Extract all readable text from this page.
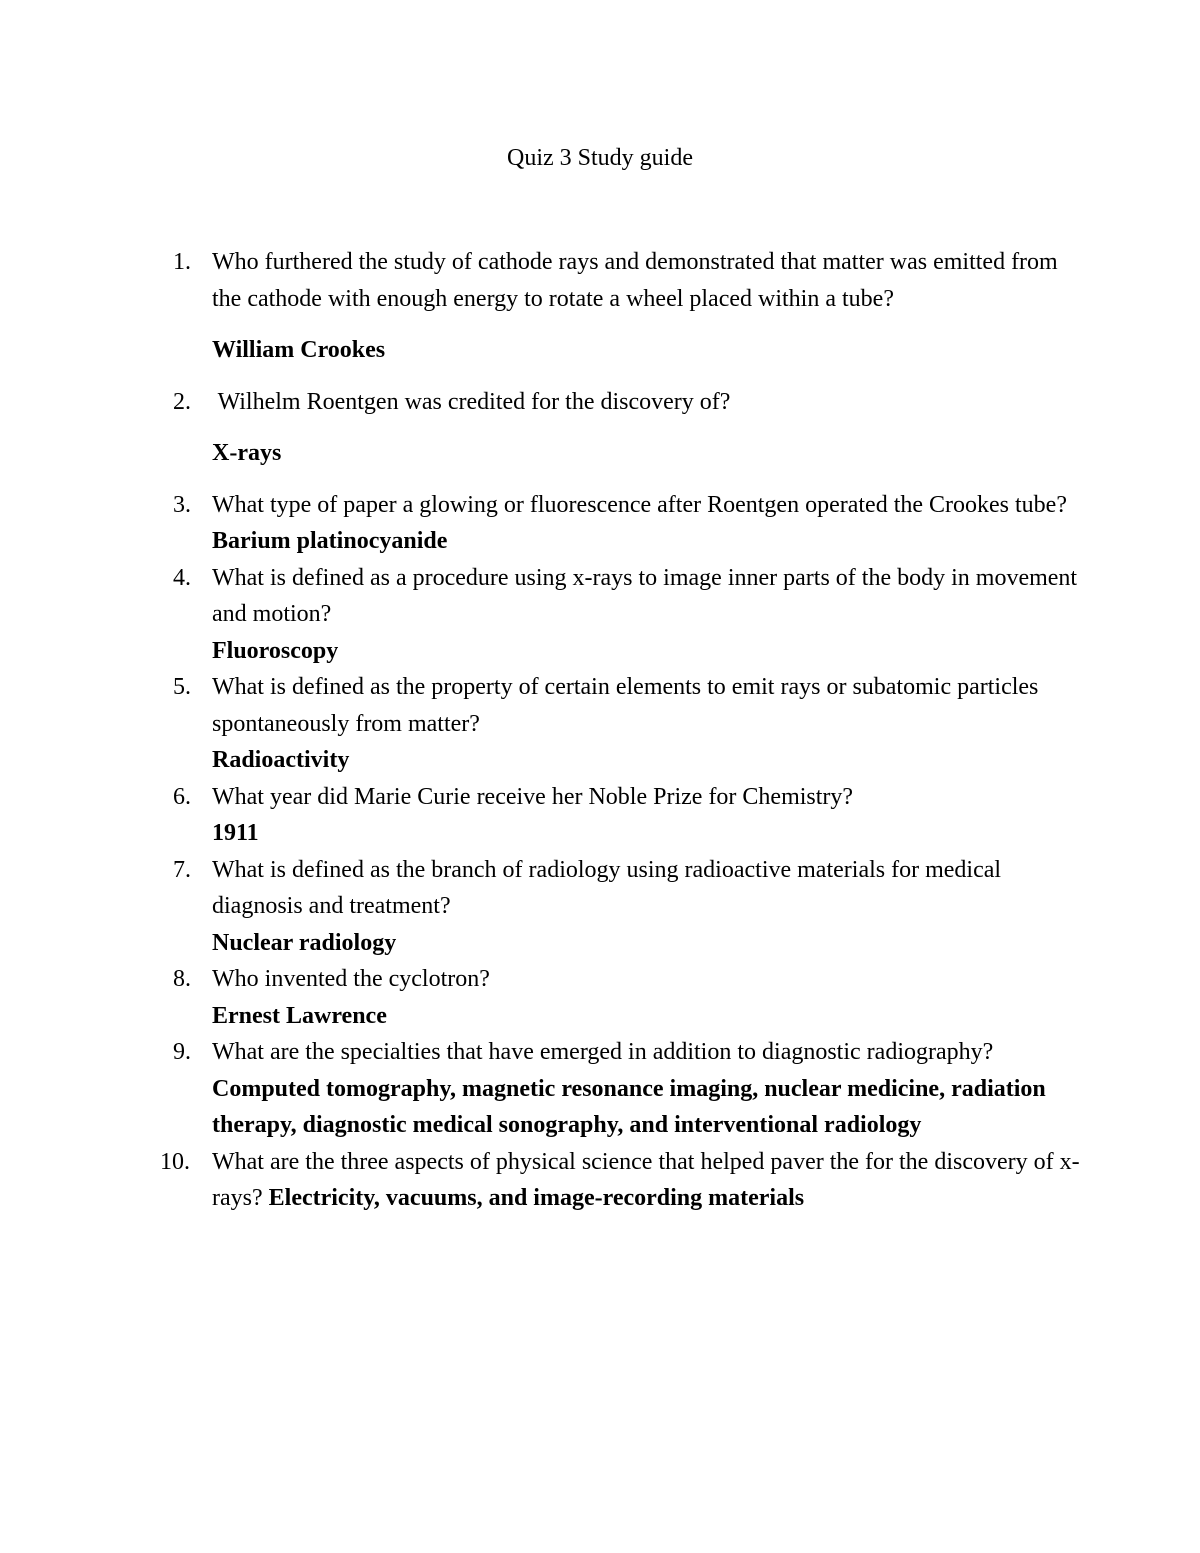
Quiz 3 Study guide
1. Who furthered the study of cathode rays and demonstrated that matter was emitted from the cathode with enough energy to rotate a wheel placed within a tube?
William Crookes
2. Wilhelm Roentgen was credited for the discovery of?
X-rays
3. What type of paper a glowing or fluorescence after Roentgen operated the Crookes tube?
Barium platinocyanide
4. What is defined as a procedure using x-rays to image inner parts of the body in movement and motion?
Fluoroscopy
5. What is defined as the property of certain elements to emit rays or subatomic particles spontaneously from matter?
Radioactivity
6. What year did Marie Curie receive her Noble Prize for Chemistry?
1911
7. What is defined as the branch of radiology using radioactive materials for medical diagnosis and treatment?
Nuclear radiology
8. Who invented the cyclotron?
Ernest Lawrence
9. What are the specialties that have emerged in addition to diagnostic radiography?
Computed tomography, magnetic resonance imaging, nuclear medicine, radiation therapy, diagnostic medical sonography, and interventional radiology
10. What are the three aspects of physical science that helped paver the for the discovery of x-rays? Electricity, vacuums, and image-recording materials
